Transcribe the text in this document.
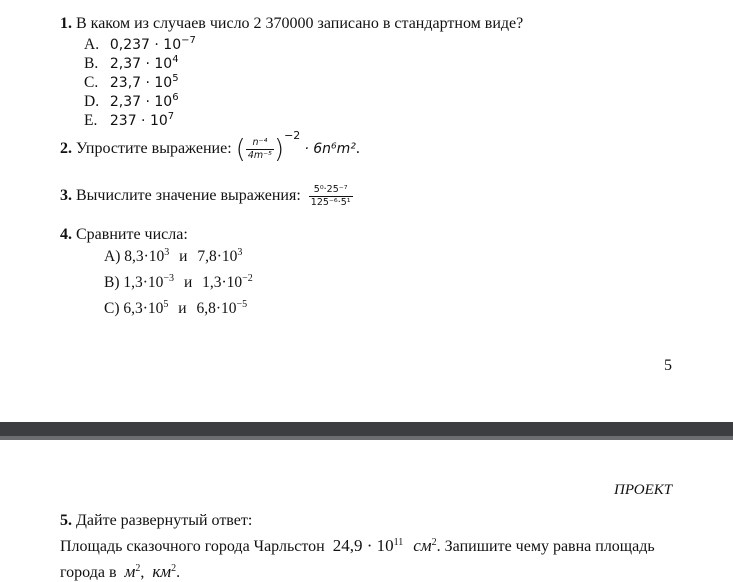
1. В каком из случаев число 2 370000 записано в стандартном виде?
A. $0,237 \cdot 10^{-7}$
B. $2,37 \cdot 10^4$
C. $23,7 \cdot 10^5$
D. $2,37 \cdot 10^6$
E. $237 \cdot 10^7$
2. Упростите выражение: ( $\frac{\text{n⁻⁴}}{\text{4m⁻⁵}} )^{-2} \cdot 6n^6m^2$.
3. Вычислите значение выражения: $\frac{\text{5⁰·25⁻⁷}}{\text{125⁻⁶·5¹}}$
4. Сравните числа:
A) $8,3\cdot 10^3$ и $7,8\cdot 10^3$
B) $1,3\cdot 10^{-3}$ и $1,3\cdot 10^{-2}$
C) $6,3\cdot 10^5$ и $6,8\cdot 10^{-5}$
5
ПРОЕКТ
5. Дайте развернутый ответ:
Площадь сказочного города Чарльстон $24,9 \cdot 10^{11}$ $см^2$. Запишите чему равна площадь
города в $м^2$, $км^2$.
